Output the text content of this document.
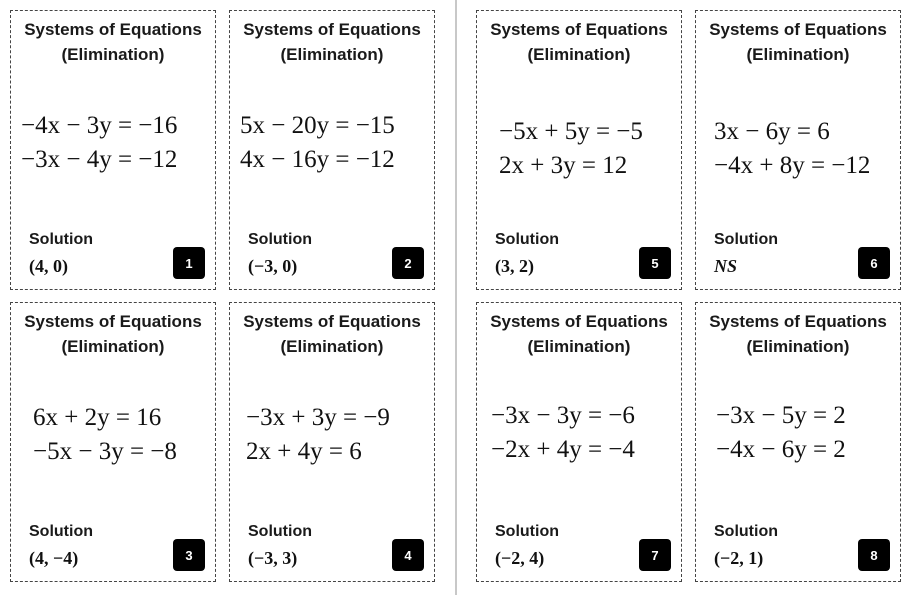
Systems of Equations
(Elimination)
−4x − 3y = −16
−3x − 4y = −12
Solution
(4, 0)	1
Systems of Equations
(Elimination)
5x − 20y = −15
4x − 16y = −12
Solution
(−3, 0)	2
Systems of Equations
(Elimination)
6x + 2y = 16
−5x − 3y = −8
Solution
(4, −4)	3
Systems of Equations
(Elimination)
−3x + 3y = −9
2x + 4y = 6
Solution
(−3, 3)	4
Systems of Equations
(Elimination)
−5x + 5y = −5
2x + 3y = 12
Solution
(3, 2)	5
Systems of Equations
(Elimination)
3x − 6y = 6
−4x + 8y = −12
Solution
NS	6
Systems of Equations
(Elimination)
−3x − 3y = −6
−2x + 4y = −4
Solution
(−2, 4)	7
Systems of Equations
(Elimination)
−3x − 5y = 2
−4x − 6y = 2
Solution
(−2, 1)	8
